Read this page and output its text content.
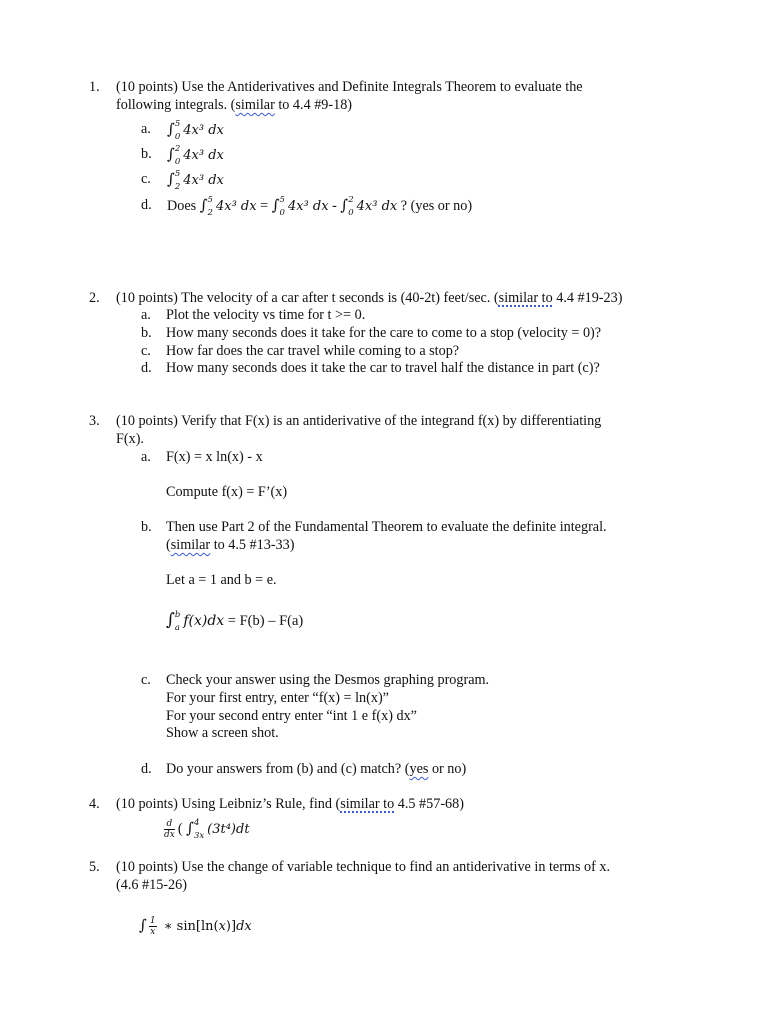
1. (10 points) Use the Antiderivatives and Definite Integrals Theorem to evaluate the
following integrals. (similar to 4.4 #9-18)
a. ∫ 5
0 4x³ dx
b. ∫ 2
0 4x³ dx
c. ∫ 5
2 4x³ dx
d. Does ∫ 5
2 4x³ dx = ∫ 5
0 4x³ dx - ∫ 2
0 4x³ dx ? (yes or no)
2. (10 points) The velocity of a car after t seconds is (40-2t) feet/sec. (similar to 4.4 #19-23)
a. Plot the velocity vs time for t >= 0.
b. How many seconds does it take for the care to come to a stop (velocity = 0)?
c. How far does the car travel while coming to a stop?
d. How many seconds does it take the car to travel half the distance in part (c)?
3. (10 points) Verify that F(x) is an antiderivative of the integrand f(x) by differentiating
F(x).
a. F(x) = x ln(x) - x
Compute f(x) = F’(x)
b. Then use Part 2 of the Fundamental Theorem to evaluate the definite integral.
(similar to 4.5 #13-33)
Let a = 1 and b = e.
∫ b
a f(x)dx = F(b) – F(a)
c. Check your answer using the Desmos graphing program.
For your first entry, enter “f(x) = ln(x)”
For your second entry enter “int 1 e f(x) dx”
Show a screen shot.
d. Do your answers from (b) and (c) match? (yes or no)
4. (10 points) Using Leibniz’s Rule, find (similar to 4.5 #57-68)
$\frac{d}{dx}$ ( ∫ 4
3x (3t⁴)dt
5. (10 points) Use the change of variable technique to find an antiderivative in terms of x.
(4.6 #15-26)
∫ $\frac{1}{x}$ ∗ sin[ln(x)]dx
